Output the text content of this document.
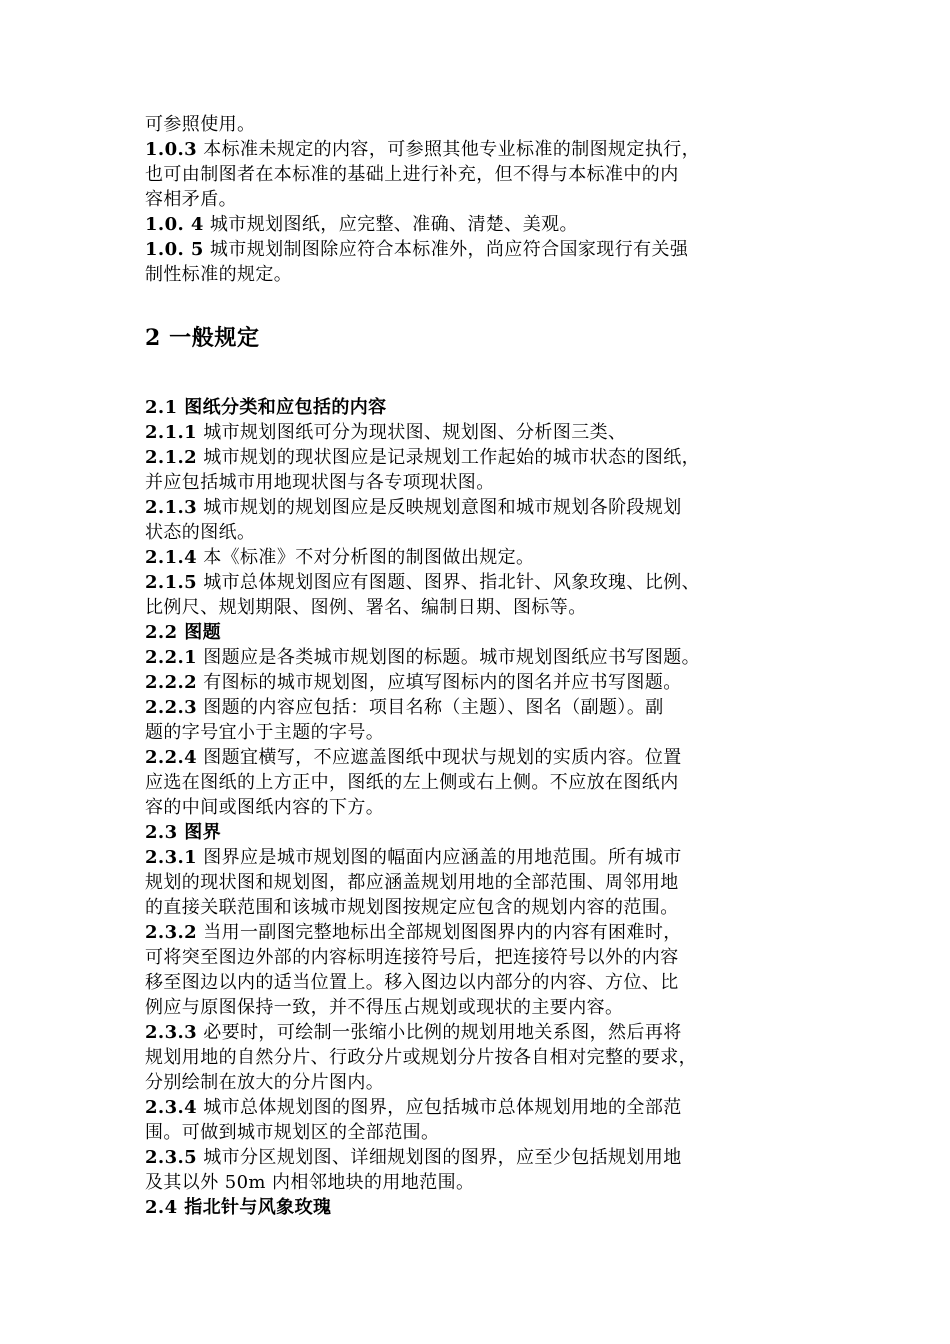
可参照使用。
1.0.3 本标准未规定的内容，可参照其他专业标准的制图规定执行，
也可由制图者在本标准的基础上进行补充，但不得与本标准中的内
容相矛盾。
1.0. 4 城市规划图纸，应完整、准确、清楚、美观。
1.0. 5 城市规划制图除应符合本标准外，尚应符合国家现行有关强
制性标准的规定。
2 一般规定
2.1 图纸分类和应包括的内容
2.1.1 城市规划图纸可分为现状图、规划图、分析图三类、
2.1.2 城市规划的现状图应是记录规划工作起始的城市状态的图纸，
并应包括城市用地现状图与各专项现状图。
2.1.3 城市规划的规划图应是反映规划意图和城市规划各阶段规划
状态的图纸。
2.1.4 本《标准》不对分析图的制图做出规定。
2.1.5 城市总体规划图应有图题、图界、指北针、风象玫瑰、比例、
比例尺、规划期限、图例、署名、编制日期、图标等。
2.2 图题
2.2.1 图题应是各类城市规划图的标题。城市规划图纸应书写图题。
2.2.2 有图标的城市规划图，应填写图标内的图名并应书写图题。
2.2.3 图题的内容应包括：项目名称（主题）、图名（副题）。副
题的字号宜小于主题的字号。
2.2.4 图题宜横写，不应遮盖图纸中现状与规划的实质内容。位置
应选在图纸的上方正中，图纸的左上侧或右上侧。不应放在图纸内
容的中间或图纸内容的下方。
2.3 图界
2.3.1 图界应是城市规划图的幅面内应涵盖的用地范围。所有城市
规划的现状图和规划图，都应涵盖规划用地的全部范围、周邻用地
的直接关联范围和该城市规划图按规定应包含的规划内容的范围。
2.3.2 当用一副图完整地标出全部规划图图界内的内容有困难时，
可将突至图边外部的内容标明连接符号后，把连接符号以外的内容
移至图边以内的适当位置上。移入图边以内部分的内容、方位、比
例应与原图保持一致，并不得压占规划或现状的主要内容。
2.3.3 必要时，可绘制一张缩小比例的规划用地关系图，然后再将
规划用地的自然分片、行政分片或规划分片按各自相对完整的要求，
分别绘制在放大的分片图内。
2.3.4 城市总体规划图的图界，应包括城市总体规划用地的全部范
围。可做到城市规划区的全部范围。
2.3.5 城市分区规划图、详细规划图的图界，应至少包括规划用地
及其以外 50m 内相邻地块的用地范围。
2.4 指北针与风象玫瑰
